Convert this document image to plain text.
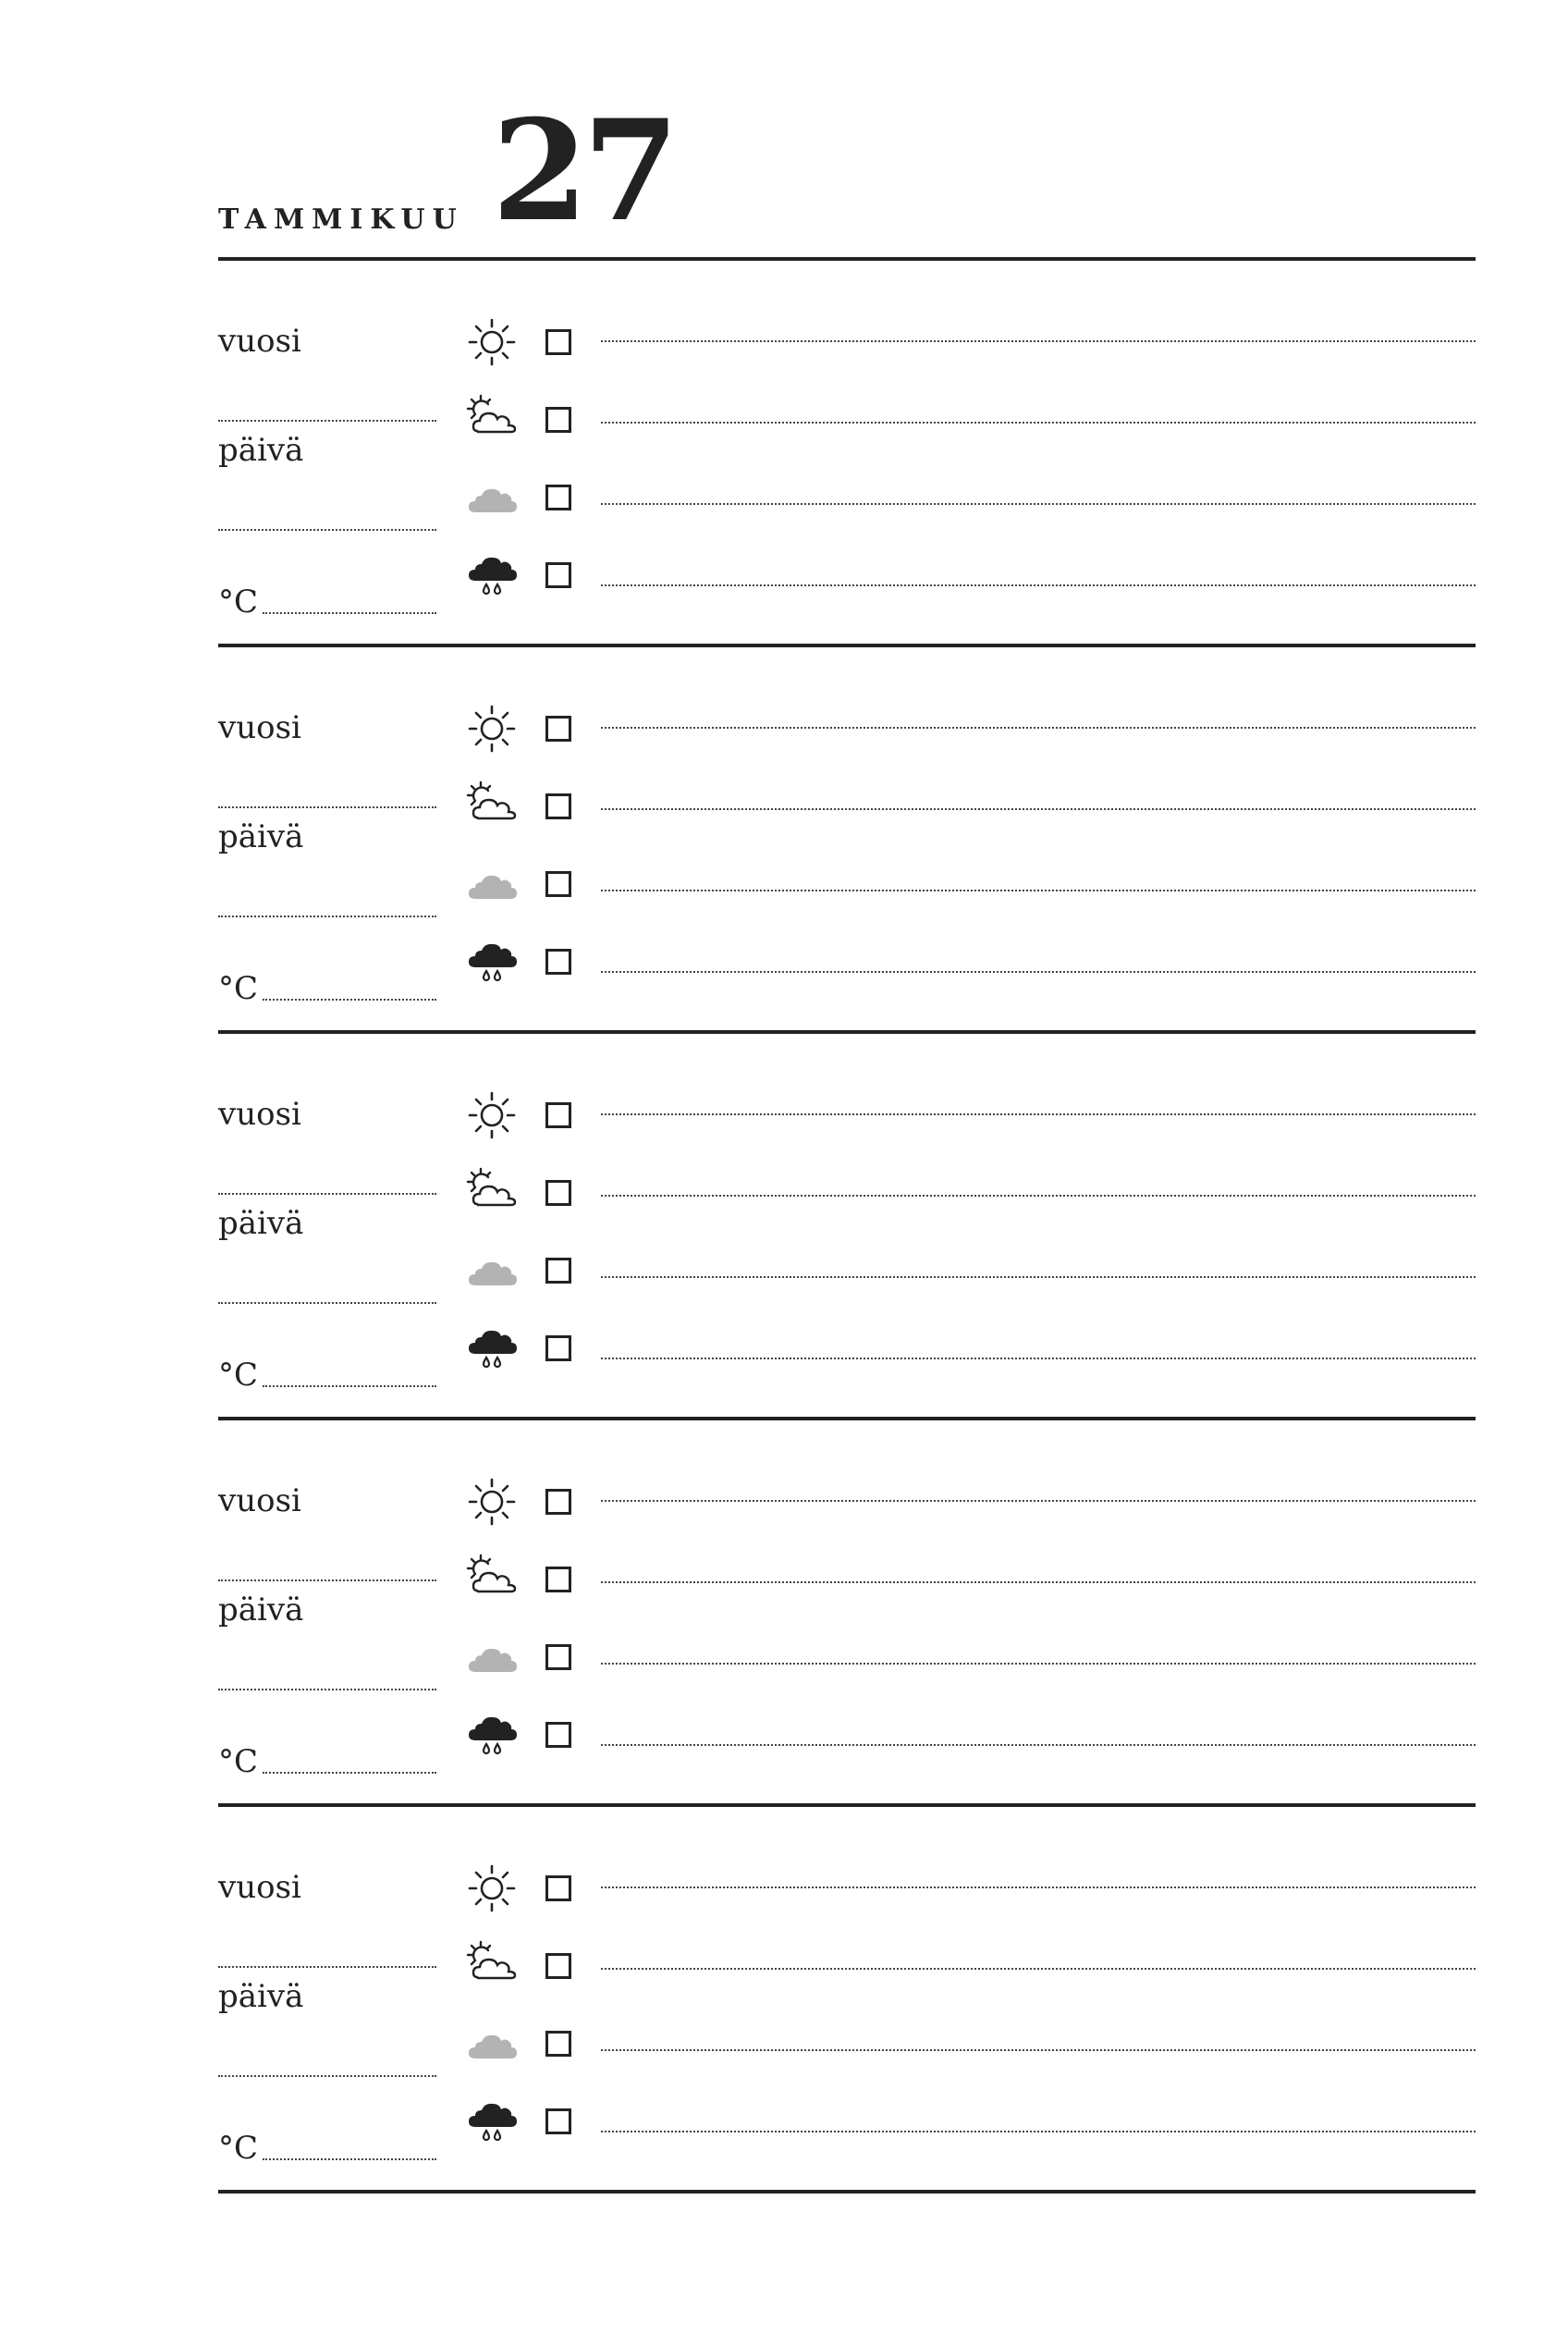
TAMMIKUU 27
vuosi
päivä
°C
vuosi
päivä
°C
vuosi
päivä
°C
vuosi
päivä
°C
vuosi
päivä
°C
